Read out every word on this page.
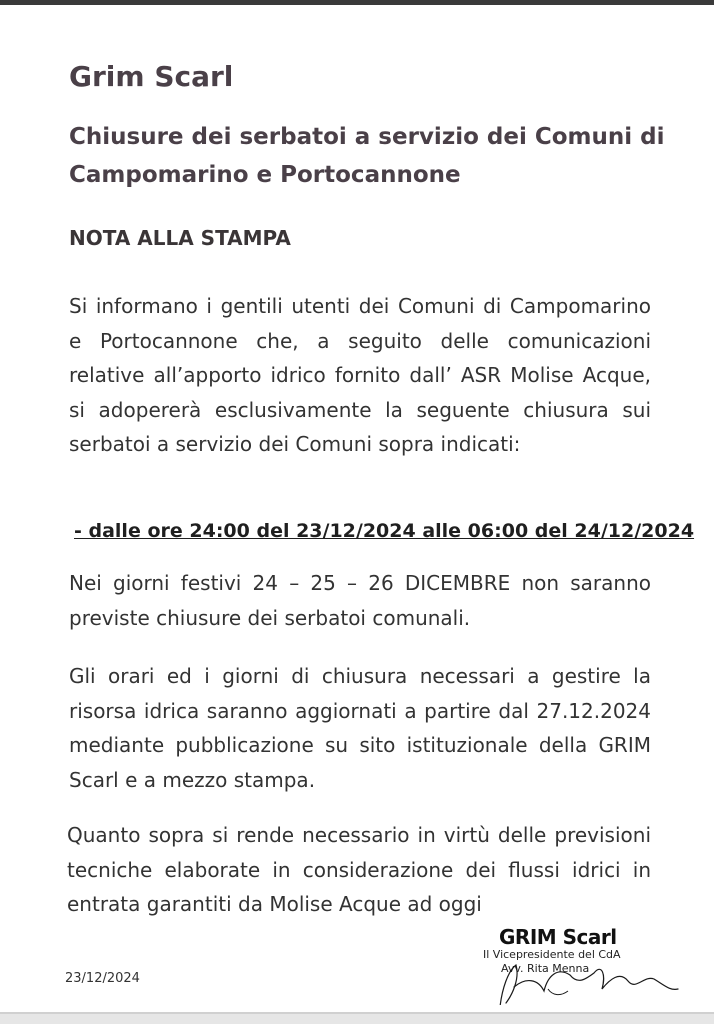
Grim Scarl
Chiusure dei serbatoi a servizio dei Comuni di Campomarino e Portocannone
NOTA ALLA STAMPA
Si informano i gentili utenti dei Comuni di Campomarino e Portocannone che, a seguito delle comunicazioni relative all’apporto idrico fornito dall’ ASR Molise Acque, si adopererà esclusivamente la seguente chiusura sui serbatoi a servizio dei Comuni sopra indicati:
- dalle ore 24:00 del 23/12/2024 alle 06:00 del 24/12/2024
Nei giorni festivi 24 – 25 – 26 DICEMBRE non saranno previste chiusure dei serbatoi comunali.
Gli orari ed i giorni di chiusura necessari a gestire la risorsa idrica saranno aggiornati a partire dal 27.12.2024 mediante pubblicazione su sito istituzionale della GRIM Scarl e a mezzo stampa.
Quanto sopra si rende necessario in virtù delle previsioni tecniche elaborate in considerazione dei flussi idrici in entrata garantiti da Molise Acque ad oggi
GRIM Scarl
Il Vicepresidente del CdA
Avv. Rita Menna
23/12/2024
